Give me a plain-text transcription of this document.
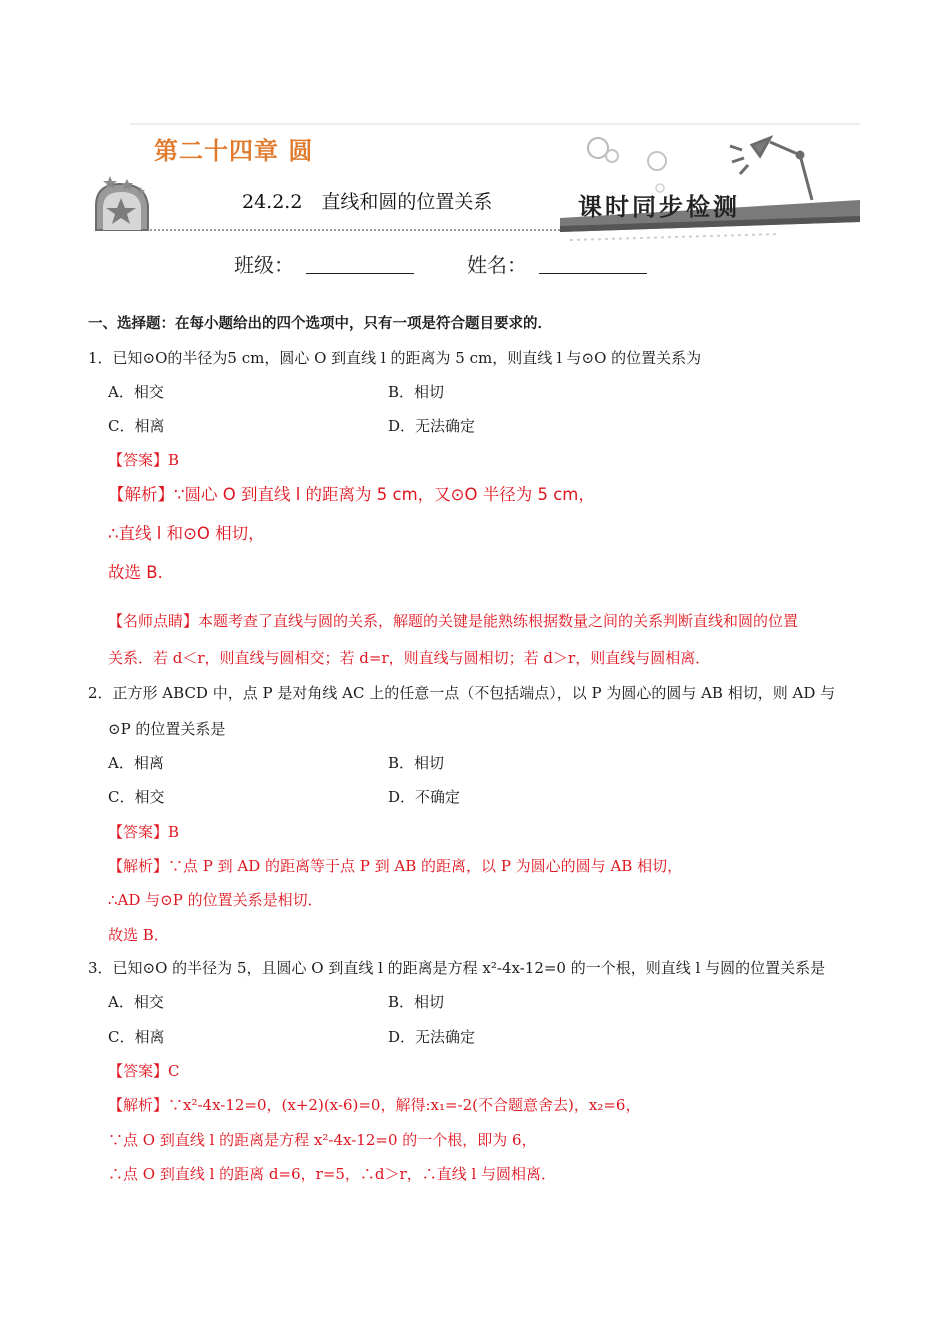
第二十四章 圆
24.2.2　直线和圆的位置关系	课时同步检测
班级：	姓名：
一、选择题：在每小题给出的四个选项中，只有一项是符合题目要求的．
1．已知⊙O的半径为5 cm，圆心 O 到直线 l 的距离为 5 cm，则直线 l 与⊙O 的位置关系为
A．相交	B．相切
C．相离	D．无法确定
【答案】B
【解析】∵圆心 O 到直线 l 的距离为 5 cm，又⊙O 半径为 5 cm，
∴直线 l 和⊙O 相切，
故选 B．
【名师点睛】本题考查了直线与圆的关系，解题的关键是能熟练根据数量之间的关系判断直线和圆的位置
关系．若 d＜r，则直线与圆相交；若 d=r，则直线与圆相切；若 d＞r，则直线与圆相离．
2．正方形 ABCD 中，点 P 是对角线 AC 上的任意一点（不包括端点），以 P 为圆心的圆与 AB 相切，则 AD 与
⊙P 的位置关系是
A．相离	B．相切
C．相交	D．不确定
【答案】B
【解析】∵点 P 到 AD 的距离等于点 P 到 AB 的距离，以 P 为圆心的圆与 AB 相切，
∴AD 与⊙P 的位置关系是相切．
故选 B．
3．已知⊙O 的半径为 5，且圆心 O 到直线 l 的距离是方程 x²-4x-12=0 的一个根，则直线 l 与圆的位置关系是
A．相交	B．相切
C．相离	D．无法确定
【答案】C
【解析】∵x²-4x-12=0，(x+2)(x-6)=0，解得:x₁=-2(不合题意舍去)，x₂=6，
∵点 O 到直线 l 的距离是方程 x²-4x-12=0 的一个根，即为 6，
∴点 O 到直线 l 的距离 d=6，r=5，∴d＞r，∴直线 l 与圆相离．
